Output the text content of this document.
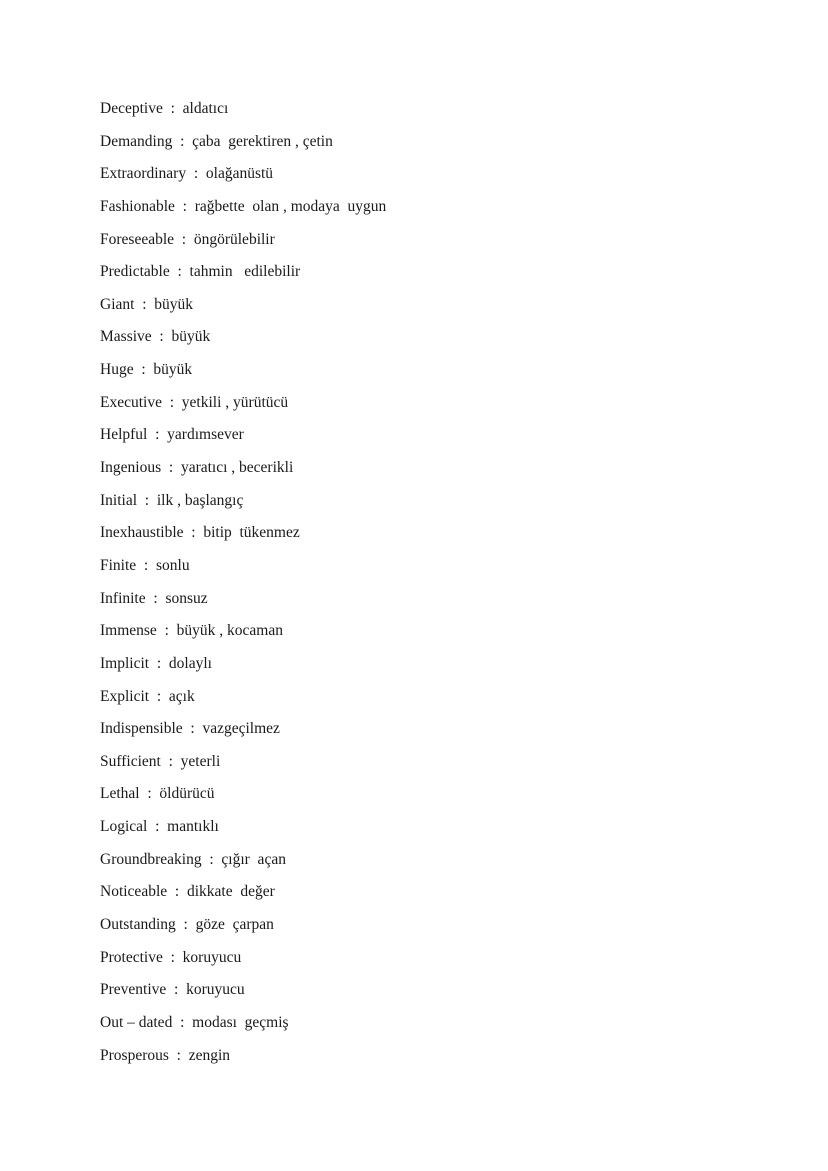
Deceptive  :  aldatıcı
Demanding  :  çaba  gerektiren , çetin
Extraordinary  :  olağanüstü
Fashionable  :  rağbette  olan , modaya  uygun
Foreseeable  :  öngörülebilir
Predictable  :  tahmin   edilebilir
Giant  :  büyük
Massive  :  büyük
Huge  :  büyük
Executive  :  yetkili , yürütücü
Helpful  :  yardımsever
Ingenious  :  yaratıcı , becerikli
Initial  :  ilk , başlangıç
Inexhaustible  :  bitip  tükenmez
Finite  :  sonlu
Infinite  :  sonsuz
Immense  :  büyük , kocaman
Implicit  :  dolaylı
Explicit  :  açık
Indispensible  :  vazgeçilmez
Sufficient  :  yeterli
Lethal  :  öldürücü
Logical  :  mantıklı
Groundbreaking  :  çığır  açan
Noticeable  :  dikkate  değer
Outstanding  :  göze  çarpan
Protective  :  koruyucu
Preventive  :  koruyucu
Out – dated  :  modası  geçmiş
Prosperous  :  zengin
